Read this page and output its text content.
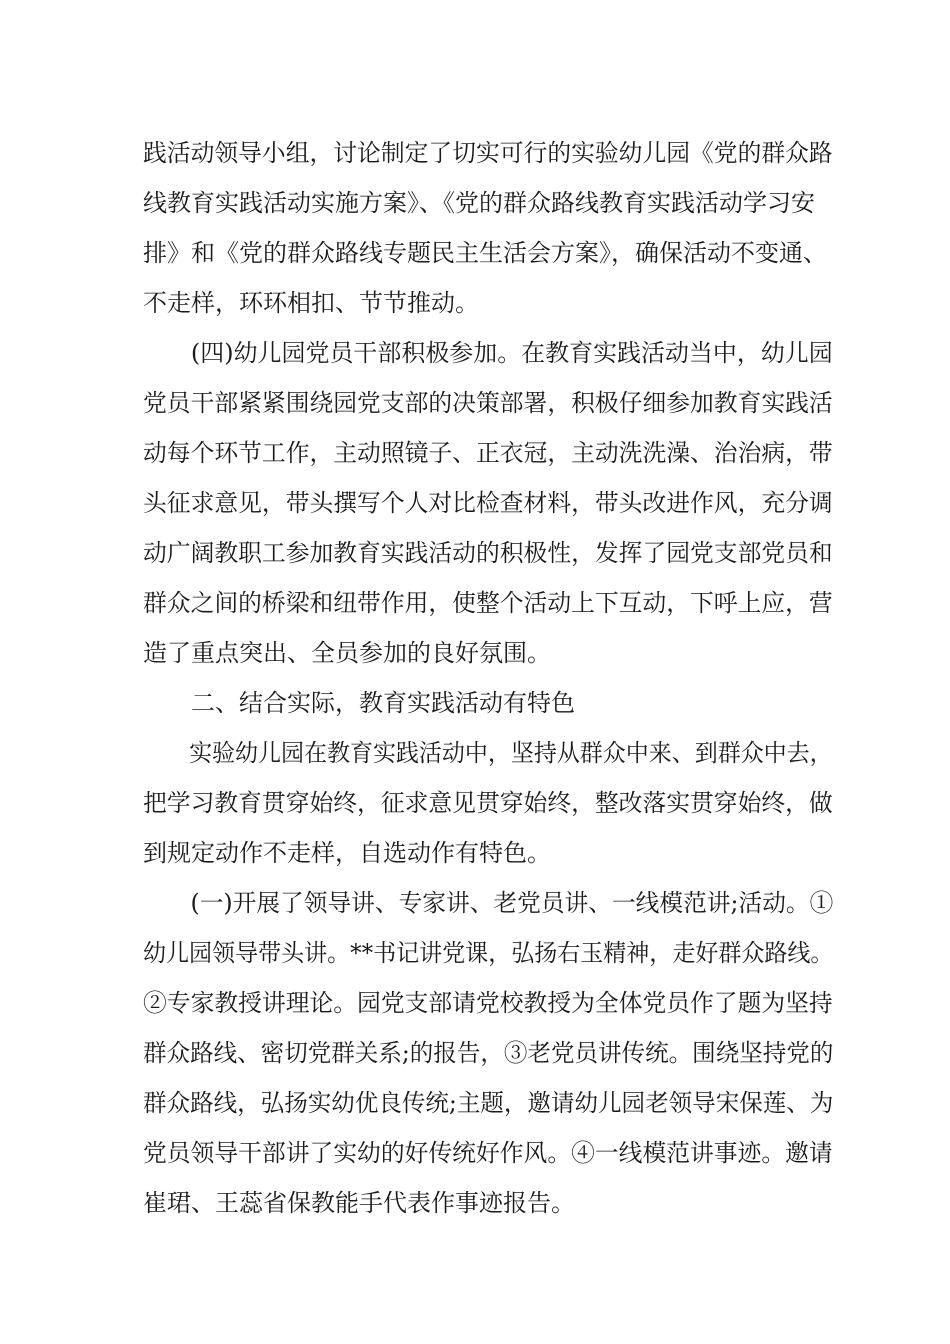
践活动领导小组，讨论制定了切实可行的实验幼儿园《党的群众路
线教育实践活动实施方案》、《党的群众路线教育实践活动学习安
排》和《党的群众路线专题民主生活会方案》，确保活动不变通、
不走样，环环相扣、节节推动。
(四)幼儿园党员干部积极参加。在教育实践活动当中，幼儿园
党员干部紧紧围绕园党支部的决策部署，积极仔细参加教育实践活
动每个环节工作，主动照镜子、正衣冠，主动洗洗澡、治治病，带
头征求意见，带头撰写个人对比检查材料，带头改进作风，充分调
动广阔教职工参加教育实践活动的积极性，发挥了园党支部党员和
群众之间的桥梁和纽带作用，使整个活动上下互动，下呼上应，营
造了重点突出、全员参加的良好氛围。
二、结合实际，教育实践活动有特色
实验幼儿园在教育实践活动中，坚持从群众中来、到群众中去，
把学习教育贯穿始终，征求意见贯穿始终，整改落实贯穿始终，做
到规定动作不走样，自选动作有特色。
(一)开展了领导讲、专家讲、老党员讲、一线模范讲;活动。①
幼儿园领导带头讲。**书记讲党课，弘扬右玉精神，走好群众路线。
②专家教授讲理论。园党支部请党校教授为全体党员作了题为坚持
群众路线、密切党群关系;的报告，③老党员讲传统。围绕坚持党的
群众路线，弘扬实幼优良传统;主题，邀请幼儿园老领导宋保莲、为
党员领导干部讲了实幼的好传统好作风。④一线模范讲事迹。邀请
崔珺、王蕊省保教能手代表作事迹报告。
